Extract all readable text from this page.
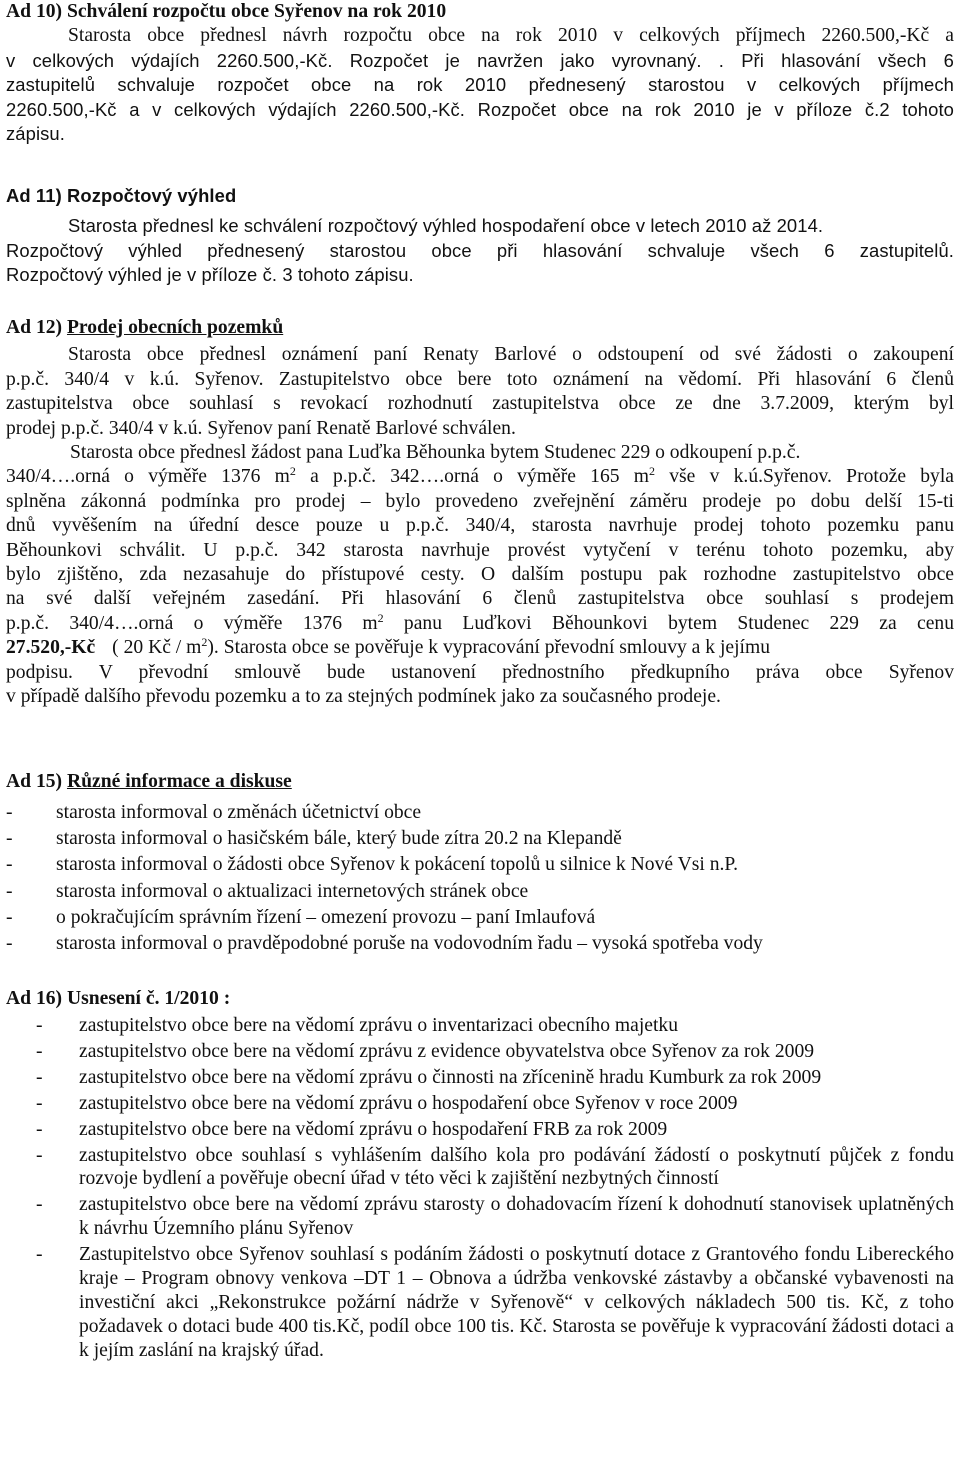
Ad 10) Schválení rozpočtu obce Syřenov na rok 2010
Starosta obce přednesl návrh rozpočtu obce na rok 2010 v celkových příjmech 2260.500,-Kč a
v celkových výdajích 2260.500,-Kč. Rozpočet je navržen jako vyrovnaný. . Při hlasování všech 6
zastupitelů schvaluje rozpočet obce na rok 2010 přednesený starostou v celkových příjmech
2260.500,-Kč a v celkových výdajích 2260.500,-Kč. Rozpočet obce na rok 2010 je v příloze č.2 tohoto
zápisu.
Ad 11) Rozpočtový výhled
Starosta přednesl ke schválení rozpočtový výhled hospodaření obce v letech 2010 až 2014.
Rozpočtový výhled přednesený starostou obce při hlasování schvaluje všech 6 zastupitelů.
Rozpočtový výhled je v příloze č. 3 tohoto zápisu.
Ad 12) Prodej obecních pozemků
Starosta obce přednesl oznámení paní Renaty Barlové o odstoupení od své žádosti o zakoupení
p.p.č. 340/4 v k.ú. Syřenov. Zastupitelstvo obce bere toto oznámení na vědomí. Při hlasování 6 členů
zastupitelstva obce souhlasí s revokací rozhodnutí zastupitelstva obce ze dne 3.7.2009, kterým byl
prodej p.p.č. 340/4 v k.ú. Syřenov paní Renatě Barlové schválen.
Starosta obce přednesl žádost pana Luďka Běhounka bytem Studenec 229 o odkoupení p.p.č.
340/4….orná o výměře 1376 $m^2$ a p.p.č. 342….orná o výměře 165 $m^2$ vše v k.ú.Syřenov. Protože byla
splněna zákonná podmínka pro prodej – bylo provedeno zveřejnění záměru prodeje po dobu delší 15-ti
dnů vyvěšením na úřední desce pouze u p.p.č. 340/4, starosta navrhuje prodej tohoto pozemku panu
Běhounkovi schválit. U p.p.č. 342 starosta navrhuje provést vytyčení v terénu tohoto pozemku, aby
bylo zjištěno, zda nezasahuje do přístupové cesty. O dalším postupu pak rozhodne zastupitelstvo obce
na své další veřejném zasedání. Při hlasování 6 členů zastupitelstva obce souhlasí s prodejem
p.p.č. 340/4….orná o výměře 1376 $m^2$ panu Luďkovi Běhounkovi bytem Studenec 229 za cenu
27.520,-Kč ( 20 Kč / $m^2$). Starosta obce se pověřuje k vypracování převodní smlouvy a k jejímu
podpisu. V převodní smlouvě bude ustanovení přednostního předkupního práva obce Syřenov
v případě dalšího převodu pozemku a to za stejných podmínek jako za současného prodeje.
Ad 15) Různé informace a diskuse
- starosta informoval o změnách účetnictví obce
- starosta informoval o hasičském bále, který bude zítra 20.2 na Klepandě
- starosta informoval o žádosti obce Syřenov k pokácení topolů u silnice k Nové Vsi n.P.
- starosta informoval o aktualizaci internetových stránek obce
- o pokračujícím správním řízení – omezení provozu – paní Imlaufová
- starosta informoval o pravděpodobné poruše na vodovodním řadu – vysoká spotřeba vody
Ad 16) Usnesení č. 1/2010 :
- zastupitelstvo obce bere na vědomí zprávu o inventarizaci obecního majetku
- zastupitelstvo obce bere na vědomí zprávu z evidence obyvatelstva obce Syřenov za rok 2009
- zastupitelstvo obce bere na vědomí zprávu o činnosti na zřícenině hradu Kumburk za rok 2009
- zastupitelstvo obce bere na vědomí zprávu o hospodaření obce Syřenov v roce 2009
- zastupitelstvo obce bere na vědomí zprávu o hospodaření FRB za rok 2009
- zastupitelstvo obce souhlasí s vyhlášením dalšího kola pro podávání žádostí o poskytnutí půjček z fondu rozvoje bydlení a pověřuje obecní úřad v této věci k zajištění nezbytných činností
- zastupitelstvo obce bere na vědomí zprávu starosty o dohadovacím řízení k dohodnutí stanovisek uplatněných k návrhu Územního plánu Syřenov
- Zastupitelstvo obce Syřenov souhlasí s podáním žádosti o poskytnutí dotace z Grantového fondu Libereckého kraje – Program obnovy venkova –DT 1 – Obnova a údržba venkovské zástavby a občanské vybavenosti na investiční akci „Rekonstrukce požární nádrže v Syřenově“ v celkových nákladech 500 tis. Kč, z toho požadavek o dotaci bude 400 tis.Kč, podíl obce 100 tis. Kč. Starosta se pověřuje k vypracování žádosti dotaci a k jejím zaslání na krajský úřad.
